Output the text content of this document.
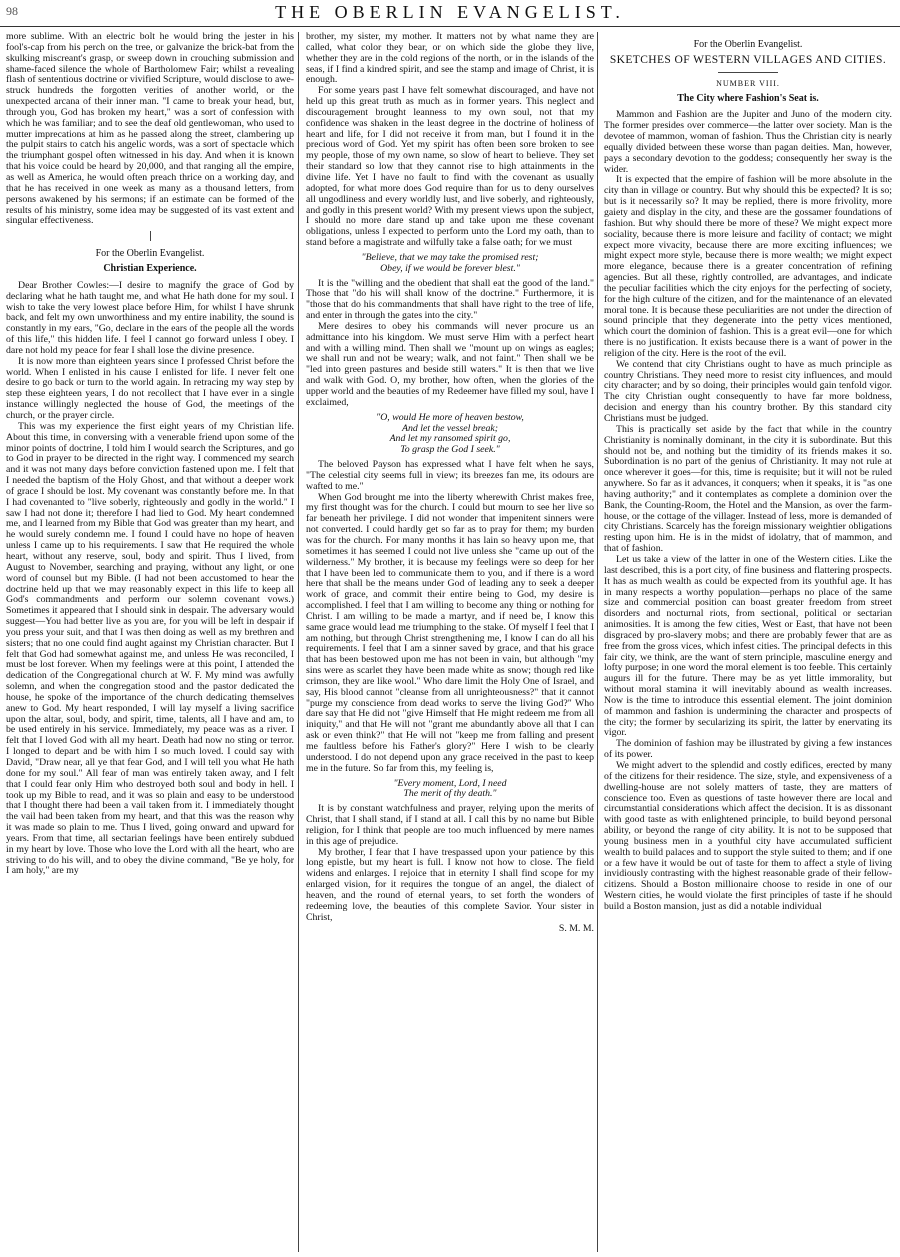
98	THE OBERLIN EVANGELIST.

more sublime. With an electric bolt he would bring the jester in his fool's-cap from his perch on the tree, or galvanize the brick-bat from the skulking miscreant's grasp, or sweep down in crouching submission and shame-faced silence the whole of Bartholomew Fair; whilst a revealing flash of sententious doctrine or vivified Scripture, would disclose to awe-struck hundreds the forgotten verities of another world, or the unexpected arcana of their inner man. "I came to break your head, but, through you, God has broken my heart," was a sort of confession with which he was familiar; and to see the deaf old gentlewoman, who used to mutter imprecations at him as he passed along the street, clambering up the pulpit stairs to catch his angelic words, was a sort of spectacle which the triumphant gospel often witnessed in his day. And when it is known that his voice could be heard by 20,000, and that ranging all the empire, as well as America, he would often preach thrice on a working day, and that he has received in one week as many as a thousand letters, from persons awakened by his sermons; if an estimate can be formed of the results of his ministry, some idea may be suggested of its vast extent and singular effectiveness.

For the Oberlin Evangelist.
Christian Experience.

Dear Brother Cowles:—I desire to magnify the grace of God by declaring what he hath taught me, and what He hath done for my soul. I wish to take the very lowest place before Him, for whilst I have shrunk back, and felt my own unworthiness and my entire inability, the sound is constantly in my ears, "Go, declare in the ears of the people all the words of this life," this hidden life. I feel I cannot go forward unless I obey. I dare not hold my peace for fear I shall lose the divine presence.

It is now more than eighteen years since I professed Christ before the world. When I enlisted in his cause I enlisted for life. I never felt one desire to go back or turn to the world again. In retracing my way step by step these eighteen years, I do not recollect that I have ever in a single instance willingly neglected the house of God, the meetings of the church, or the prayer circle.

This was my experience the first eight years of my Christian life. About this time, in conversing with a venerable friend upon some of the minor points of doctrine, I told him I would search the Scriptures, and go to God in prayer to be directed in the right way. I commenced my search and it was not many days before conviction fastened upon me. I felt that I needed the baptism of the Holy Ghost, and that without a deeper work of grace I should be lost. My covenant was constantly before me. In that I had covenanted to "live soberly, righteously and godly in the world." I saw I had not done it; therefore I had lied to God. My heart condemned me, and I learned from my Bible that God was greater than my heart, and he would surely condemn me. I found I could have no hope of heaven unless I came up to his requirements. I saw that He required the whole heart, without any reserve, soul, body and spirit. Thus I lived, from August to November, searching and praying, without any light, or one word of counsel but my Bible. (I had not been accustomed to hear the doctrine held up that we may reasonably expect in this life to keep all God's commandments and perform our solemn covenant vows.) Sometimes it appeared that I should sink in despair. The adversary would suggest—You had better live as you are, for you will be left in despair if you press your suit, and that I was then doing as well as my brethren and sisters; that no one could find aught against my Christian character. But I felt that God had somewhat against me, and unless He was reconciled, I must be lost forever. When my feelings were at this point, I attended the dedication of the Congregational church at W. F. My mind was awfully solemn, and when the congregation stood and the pastor dedicated the house, he spoke of the importance of the church dedicating themselves anew to God. My heart responded, I will lay myself a living sacrifice upon the altar, soul, body, and spirit, time, talents, all I have and am, to be used entirely in his service. Immediately, my peace was as a river. I felt that I loved God with all my heart. Death had now no sting or terror. I longed to depart and be with him I so much loved. I could say with David, "Draw near, all ye that fear God, and I will tell you what He hath done for my soul." All fear of man was entirely taken away, and I felt that I could fear only Him who destroyed both soul and body in hell. I took up my Bible to read, and it was so plain and easy to be understood that I thought there had been a vail taken from it. I immediately thought the vail had been taken from my heart, and that this was the reason why it was made so plain to me. Thus I lived, going onward and upward for years. From that time, all sectarian feelings have been entirely subdued in my heart by love. Those who love the Lord with all the heart, who are striving to do his will, and to obey the divine command, "Be ye holy, for I am holy," are my

brother, my sister, my mother. It matters not by what name they are called, what color they bear, or on which side the globe they live, whether they are in the cold regions of the north, or in the islands of the seas, if I find a kindred spirit, and see the stamp and image of Christ, it is enough.

For some years past I have felt somewhat discouraged, and have not held up this great truth as much as in former years. This neglect and discouragement brought leanness to my own soul, not that my confidence was shaken in the least degree in the doctrine of holiness of heart and life, for I did not receive it from man, but I found it in the precious word of God. Yet my spirit has often been sore broken to see my people, those of my own name, so slow of heart to believe. They set their standard so low that they cannot rise to high attainments in the divine life. Yet I have no fault to find with the covenant as usually adopted, for what more does God require than for us to deny ourselves all ungodliness and every worldly lust, and live soberly, and righteously, and godly in this present world? With my present views upon the subject, I should no more dare stand up and take upon me these covenant obligations, unless I expected to perform unto the Lord my oath, than to stand before a magistrate and wilfully take a false oath; for we must

"Believe, that we may take the promised rest;
Obey, if we would be forever blest."

It is the "willing and the obedient that shall eat the good of the land." Those that "do his will shall know of the doctrine." Furthermore, it is "those that do his commandments that shall have right to the tree of life, and enter in through the gates into the city."

Mere desires to obey his commands will never procure us an admittance into his kingdom. We must serve Him with a perfect heart and with a willing mind. Then shall we "mount up on wings as eagles; we shall run and not be weary; walk, and not faint." Then shall we be "led into green pastures and beside still waters." It is then that we live and walk with God. O, my brother, how often, when the glories of the upper world and the beauties of my Redeemer have filled my soul, have I exclaimed,

"O, would He more of heaven bestow,
And let the vessel break;
And let my ransomed spirit go,
To grasp the God I seek."

The beloved Payson has expressed what I have felt when he says, "The celestial city seems full in view; its breezes fan me, its odours are wafted to me."

When God brought me into the liberty wherewith Christ makes free, my first thought was for the church. I could but mourn to see her live so far beneath her privilege. I did not wonder that impenitent sinners were not converted. I could hardly get so far as to pray for them; my burden was for the church. For many months it has lain so heavy upon me, that sometimes it has seemed I could not live unless she "came up out of the wilderness." My brother, it is because my feelings were so deep for her that I have been led to communicate them to you, and if there is a word here that shall be the means under God of leading any to seek a deeper work of grace, and commit their entire being to God, my desire is accomplished. I feel that I am willing to become any thing or nothing for Christ. I am willing to be made a martyr, and if need be, I know this same grace would lead me triumphing to the stake. Of myself I feel that I am nothing, but through Christ strengthening me, I know I can do all his requirements. I feel that I am a sinner saved by grace, and that his grace that has been bestowed upon me has not been in vain, but although "my sins were as scarlet they have been made white as snow; though red like crimson, they are like wool." Who dare limit the Holy One of Israel, and say, His blood cannot "cleanse from all unrighteousness?" that it cannot "purge my conscience from dead works to serve the living God?" Who dare say that He did not "give Himself that He might redeem me from all iniquity," and that He will not "grant me abundantly above all that I can ask or even think?" that He will not "keep me from falling and present me faultless before his Father's glory?" Here I wish to be clearly understood. I do not depend upon any grace received in the past to keep me in the future. So far from this, my feeling is,

"Every moment, Lord, I need
The merit of thy death."

It is by constant watchfulness and prayer, relying upon the merits of Christ, that I shall stand, if I stand at all. I call this by no name but Bible religion, for I think that people are too much influenced by mere names in this age of prejudice.

My brother, I fear that I have trespassed upon your patience by this long epistle, but my heart is full. I know not how to close. The field widens and enlarges. I rejoice that in eternity I shall find scope for my enlarged vision, for it requires the tongue of an angel, the dialect of heaven, and the round of eternal years, to set forth the wonders of redeeming love, the beauties of this complete Savior. Your sister in Christ,

S. M. M.

For the Oberlin Evangelist.
SKETCHES OF WESTERN VILLAGES AND CITIES.
NUMBER VIII.
The City where Fashion's Seat is.

Mammon and Fashion are the Jupiter and Juno of the modern city. The former presides over commerce—the latter over society. Man is the devotee of mammon, woman of fashion. Thus the Christian city is nearly equally divided between these worse than pagan deities. Man, however, pays a secondary devotion to the goddess; consequently her sway is the wider.

It is expected that the empire of fashion will be more absolute in the city than in village or country. But why should this be expected? It is so; but is it necessarily so? It may be replied, there is more frivolity, more gaiety and display in the city, and these are the gossamer foundations of fashion. But why should there be more of these? We might expect more sociality, because there is more leisure and facility of contact; we might expect more vivacity, because there are more exciting influences; we might expect more style, because there is more wealth; we might expect more elegance, because there is a greater concentration of refining agencies. But all these, rightly controlled, are advantages, and indicate the peculiar facilities which the city enjoys for the perfecting of society, for the high culture of the citizen, and for the maintenance of an elevated moral tone. It is because these peculiarities are not under the direction of sound principle that they degenerate into the petty vices mentioned, which court the dominion of fashion. This is a great evil—one for which there is no justification. It exists because there is a want of power in the religion of the city. Here is the root of the evil.

We contend that city Christians ought to have as much principle as country Christians. They need more to resist city influences, and mould city character; and by so doing, their principles would gain tenfold vigor. The city Christian ought consequently to have far more boldness, decision and energy than his country brother. By this standard city Christians must be judged.

This is practically set aside by the fact that while in the country Christianity is nominally dominant, in the city it is subordinate. But this should not be, and nothing but the timidity of its friends makes it so. Subordination is no part of the genius of Christianity. It may not rule at once wherever it goes—for this, time is requisite; but it will not be ruled anywhere. So far as it advances, it conquers; when it speaks, it is "as one having authority;" and it contemplates as complete a dominion over the Bank, the Counting-Room, the Hotel and the Mansion, as over the farm-house, or the cottage of the villager. Instead of less, more is demanded of city Christians. Scarcely has the foreign missionary weightier obligations resting upon him. He is in the midst of idolatry, that of mammon, and that of fashion.

Let us take a view of the latter in one of the Western cities. Like the last described, this is a port city, of fine business and flattering prospects. It has as much wealth as could be expected from its youthful age. It has in many respects a worthy population—perhaps no place of the same size and commercial position can boast greater freedom from street disorders and nocturnal riots, from sectional, political or sectarian animosities. It is among the few cities, West or East, that have not been disgraced by pro-slavery mobs; and there are probably fewer that are as free from the gross vices, which infest cities. The principal defects in this fair city, we think, are the want of stern principle, masculine energy and lofty purpose; in one word the moral element is too feeble. This certainly augurs ill for the future. There may be as yet little immorality, but without moral stamina it will inevitably abound as wealth increases. Now is the time to introduce this essential element. The joint dominion of mammon and fashion is undermining the character and prospects of the city; the former by secularizing its spirit, the latter by enervating its vigor.

The dominion of fashion may be illustrated by giving a few instances of its power.

We might advert to the splendid and costly edifices, erected by many of the citizens for their residence. The size, style, and expensiveness of a dwelling-house are not solely matters of taste, they are matters of conscience too. Even as questions of taste however there are local and circumstantial considerations which affect the decision. It is as dissonant with good taste as with enlightened principle, to build beyond personal ability, or beyond the range of city ability. It is not to be supposed that young business men in a youthful city have accumulated sufficient wealth to build palaces and to support the style suited to them; and if one or a few have it would be out of taste for them to affect a style of living invidiously contrasting with the highest reasonable grade of their fellow-citizens. Should a Boston millionaire choose to reside in one of our Western cities, he would violate the first principles of taste if he should build a Boston mansion, just as did a notable individual
